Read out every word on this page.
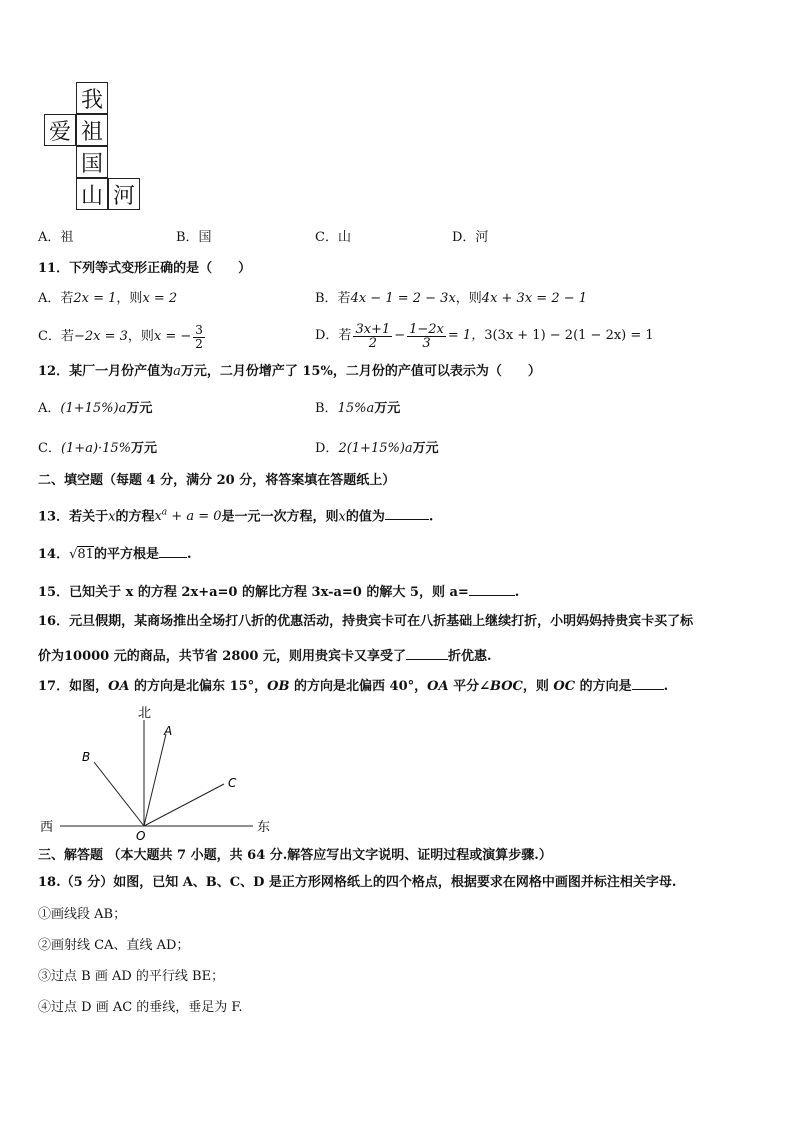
我
爱 祖
国
山 河
A．祖	B．国	C．山	D．河
11．下列等式变形正确的是（　　）
A．若2x = 1，则x = 2	B．若4x − 1 = 2 − 3x，则4x + 3x = 2 − 1
C．若 −2x = 3 ，则 x = − $\frac{3}{2}$	D．若 $\frac{3x+1}{2} - \frac{1-2x}{3} = 1$， 3(3x + 1) − 2(1 − 2x) = 1
12．某厂一月份产值为a万元，二月份增产了 15%，二月份的产值可以表示为（　　）
A．(1+15%)a万元	B．15%a万元
C．(1+a)·15%万元	D．2(1+15%)a万元
二、填空题（每题 4 分，满分 20 分，将答案填在答题纸上）
13．若关于x的方程$x^a + a = 0$是一元一次方程，则x的值为	.
14．√81的平方根是 .
15．已知关于 x 的方程 2x+a=0 的解比方程 3x-a=0 的解大 5，则 a=	.
16．元旦假期，某商场推出全场打八折的优惠活动，持贵宾卡可在八折基础上继续打折，小明妈妈持贵宾卡买了标
价为10000 元的商品，共节省 2800 元，则用贵宾卡又享受了	折优惠.
17．如图，OA 的方向是北偏东 15°，OB 的方向是北偏西 40°，OA 平分∠BOC，则 OC 的方向是 .
北
西	东
A
B
C
O
三、解答题 （本大题共 7 小题，共 64 分.解答应写出文字说明、证明过程或演算步骤.）
18.（5 分）如图，已知 A、B、C、D 是正方形网格纸上的四个格点，根据要求在网格中画图并标注相关字母.
①画线段 AB；
②画射线 CA、直线 AD；
③过点 B 画 AD 的平行线 BE；
④过点 D 画 AC 的垂线，垂足为 F.
